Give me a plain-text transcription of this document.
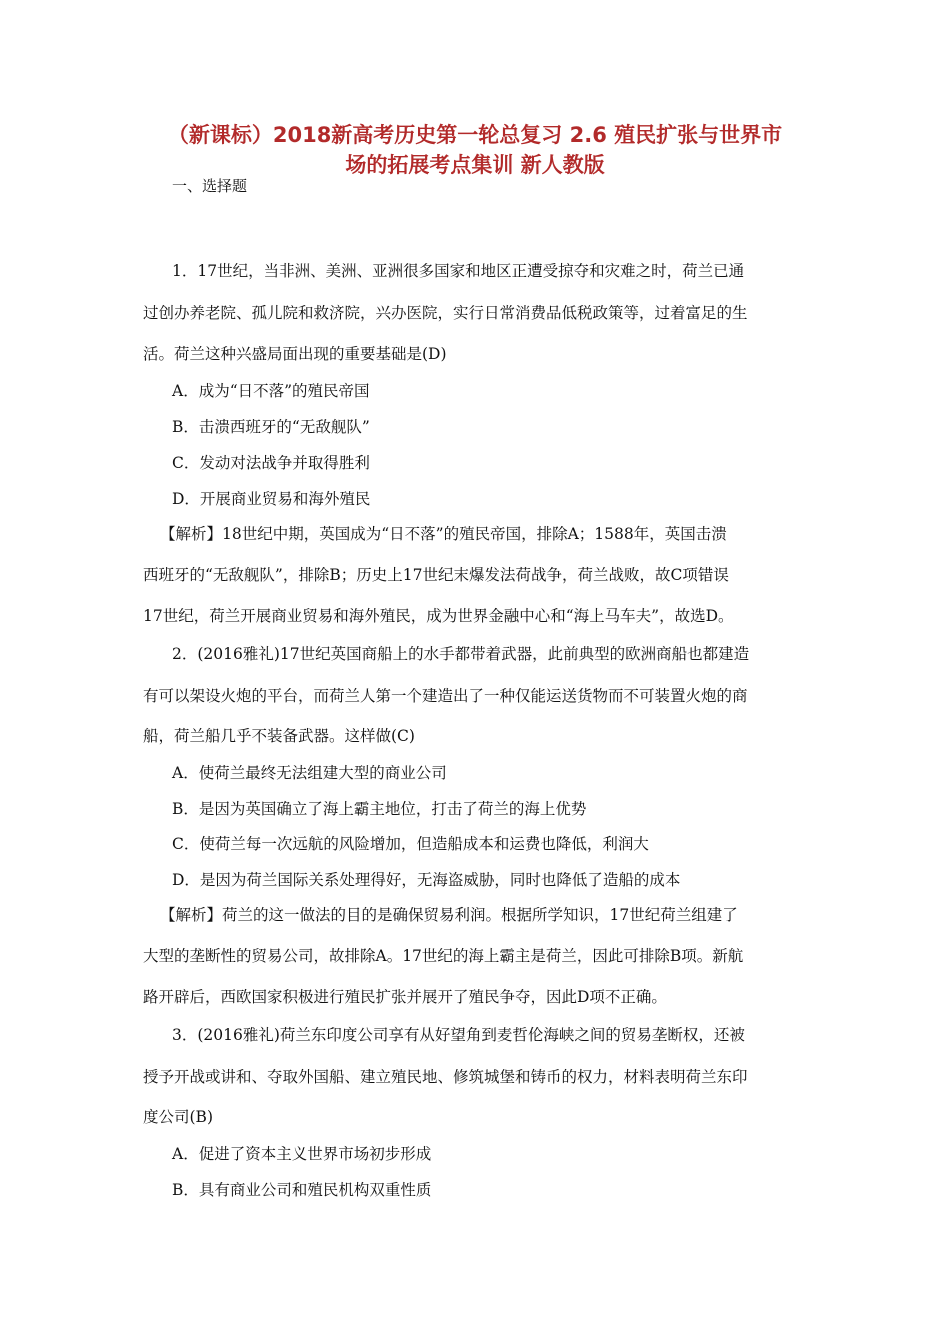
（新课标）2018新高考历史第一轮总复习 2.6 殖民扩张与世界市
场的拓展考点集训 新人教版
一、选择题
1．17世纪，当非洲、美洲、亚洲很多国家和地区正遭受掠夺和灾难之时，荷兰已通
过创办养老院、孤儿院和救济院，兴办医院，实行日常消费品低税政策等，过着富足的生
活。荷兰这种兴盛局面出现的重要基础是(D)
A．成为“日不落”的殖民帝国
B．击溃西班牙的“无敌舰队”
C．发动对法战争并取得胜利
D．开展商业贸易和海外殖民
【解析】18世纪中期，英国成为“日不落”的殖民帝国，排除A；1588年，英国击溃
西班牙的“无敌舰队”，排除B；历史上17世纪末爆发法荷战争，荷兰战败，故C项错误
17世纪，荷兰开展商业贸易和海外殖民，成为世界金融中心和“海上马车夫”，故选D。
2．(2016雅礼)17世纪英国商船上的水手都带着武器，此前典型的欧洲商船也都建造
有可以架设火炮的平台，而荷兰人第一个建造出了一种仅能运送货物而不可装置火炮的商
船，荷兰船几乎不装备武器。这样做(C)
A．使荷兰最终无法组建大型的商业公司
B．是因为英国确立了海上霸主地位，打击了荷兰的海上优势
C．使荷兰每一次远航的风险增加，但造船成本和运费也降低，利润大
D．是因为荷兰国际关系处理得好，无海盗威胁，同时也降低了造船的成本
【解析】荷兰的这一做法的目的是确保贸易利润。根据所学知识，17世纪荷兰组建了
大型的垄断性的贸易公司，故排除A。17世纪的海上霸主是荷兰，因此可排除B项。新航
路开辟后，西欧国家积极进行殖民扩张并展开了殖民争夺，因此D项不正确。
3．(2016雅礼)荷兰东印度公司享有从好望角到麦哲伦海峡之间的贸易垄断权，还被
授予开战或讲和、夺取外国船、建立殖民地、修筑城堡和铸币的权力，材料表明荷兰东印
度公司(B)
A．促进了资本主义世界市场初步形成
B．具有商业公司和殖民机构双重性质
